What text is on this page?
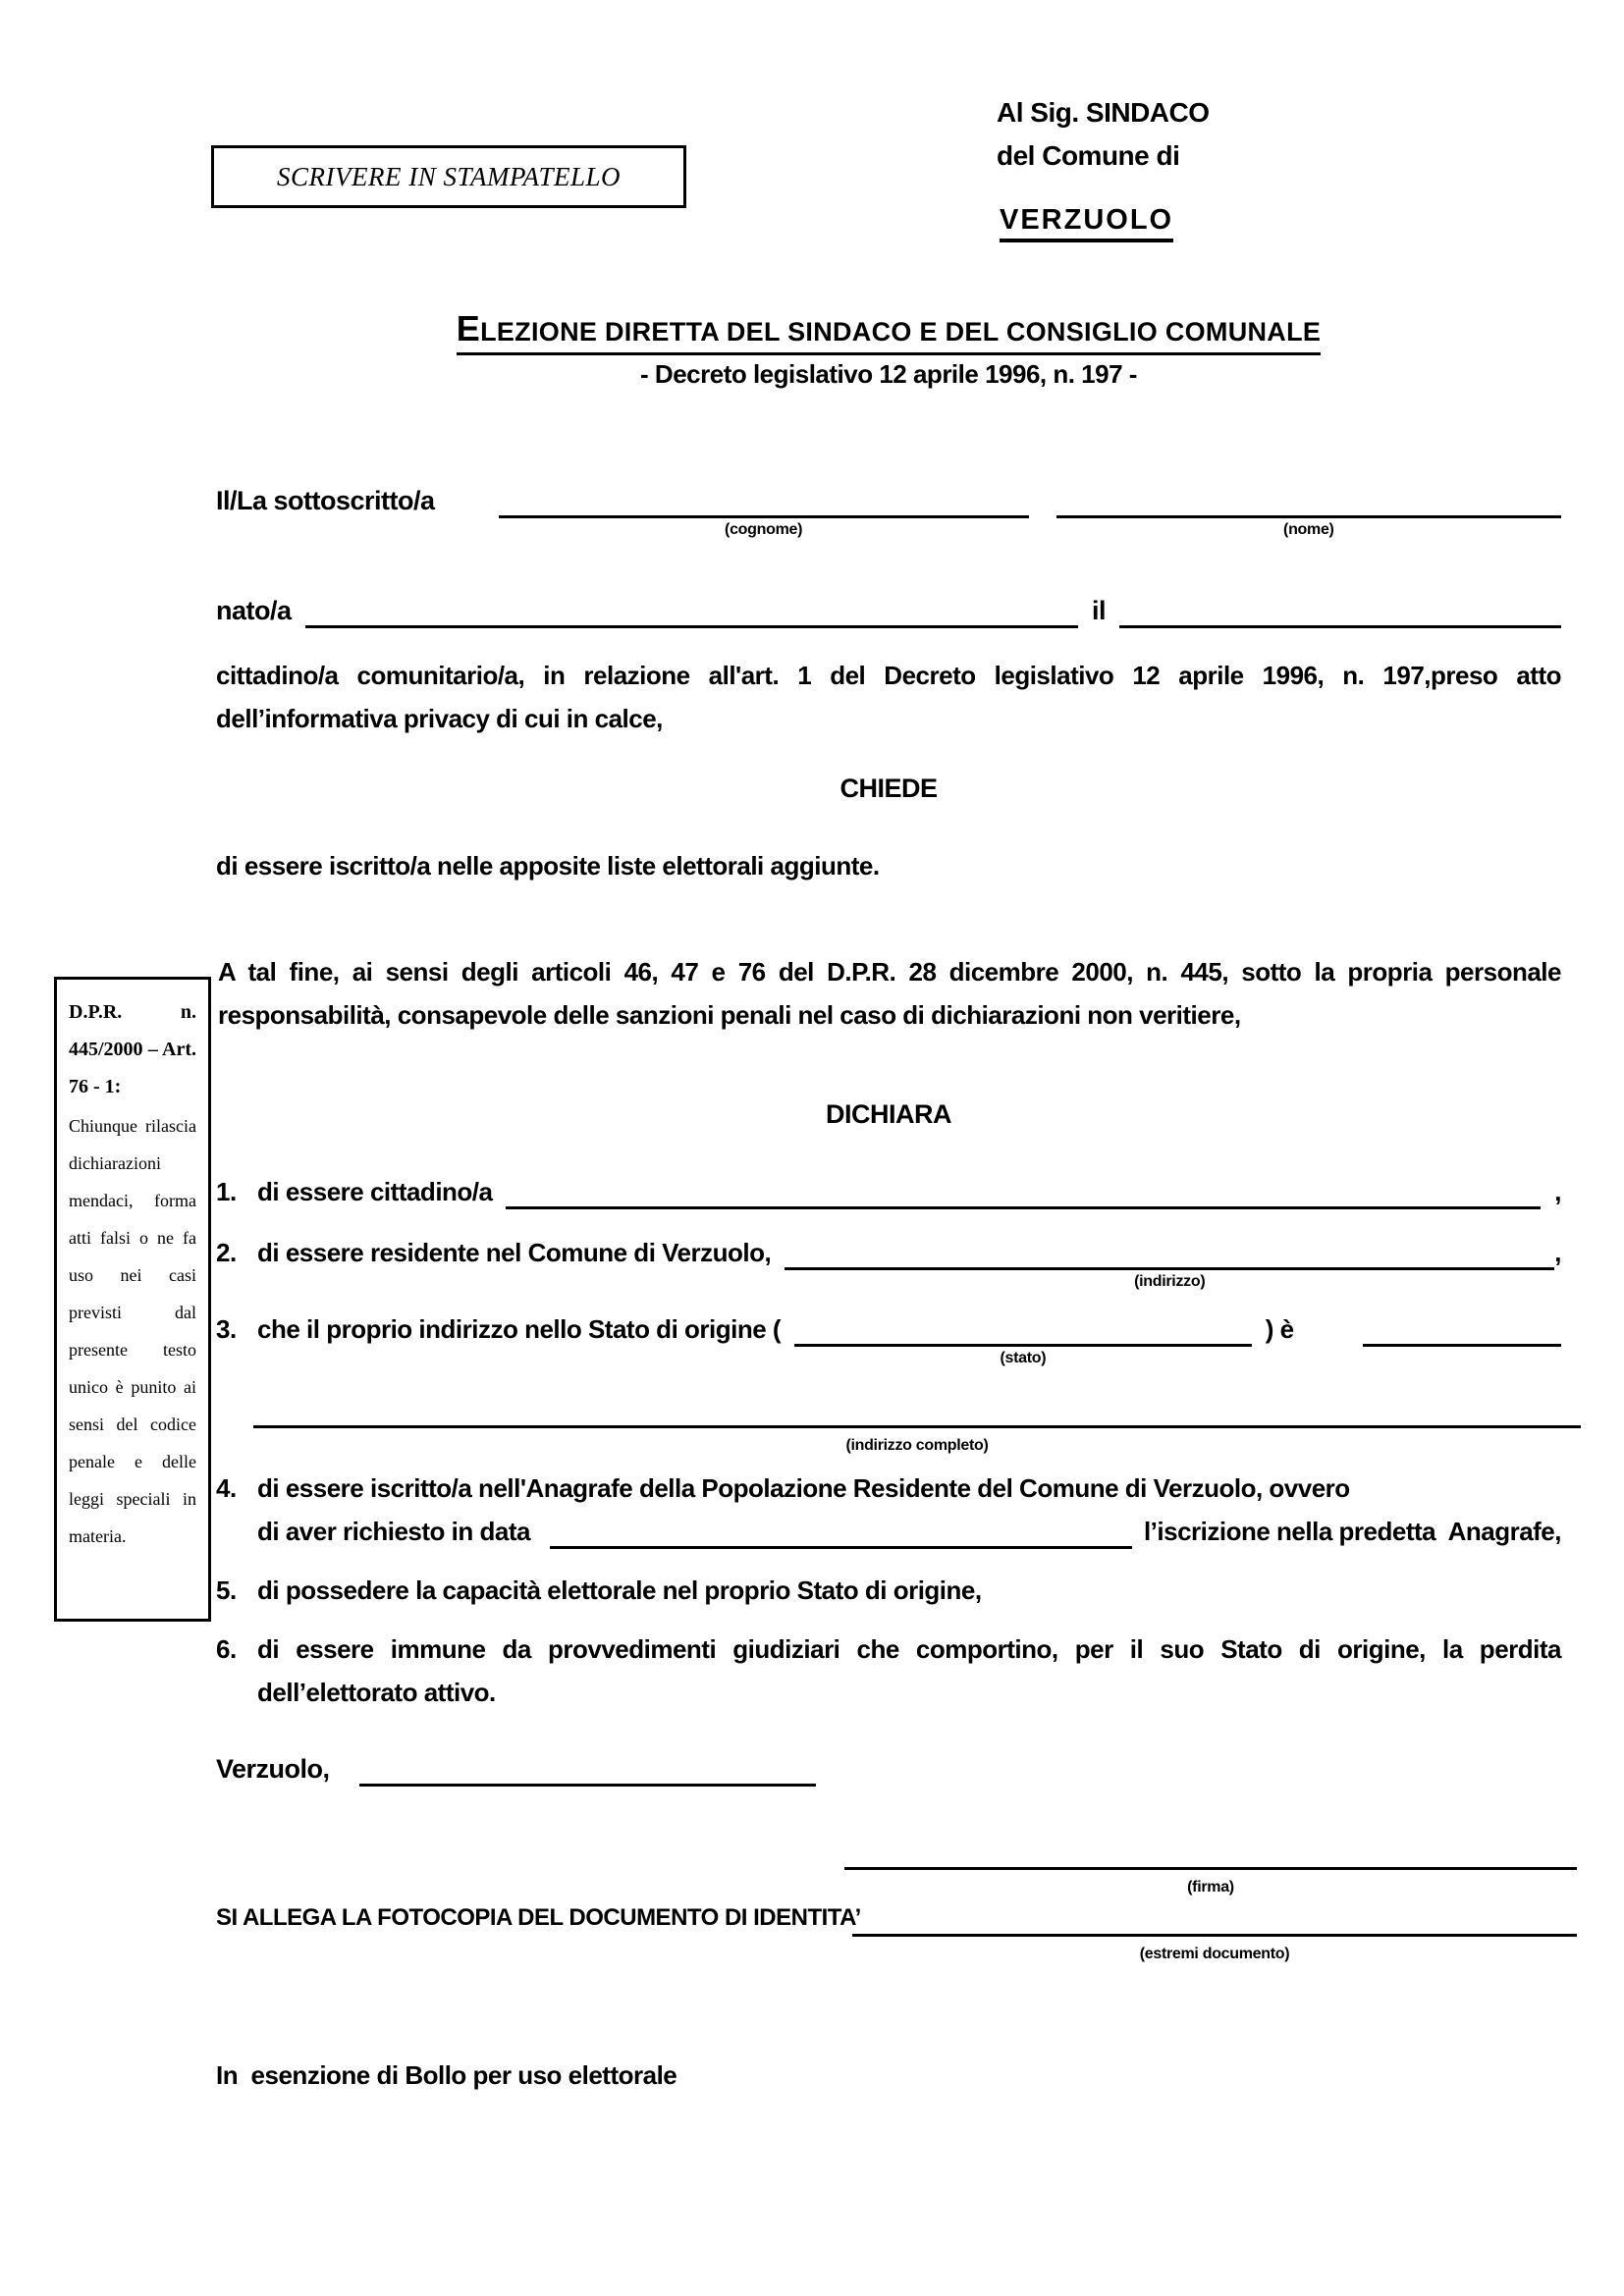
SCRIVERE IN STAMPATELLO
Al Sig. SINDACO
del Comune di
VERZUOLO
ELEZIONE DIRETTA DEL SINDACO E DEL CONSIGLIO COMUNALE
- Decreto legislativo 12 aprile 1996, n. 197 -
Il/La sottoscritto/a
(cognome)	(nome)
nato/a	il
cittadino/a comunitario/a, in relazione all'art. 1 del Decreto legislativo 12 aprile 1996, n. 197,preso atto dell’informativa privacy di cui in calce,
CHIEDE
di essere iscritto/a nelle apposite liste elettorali aggiunte.

D.P.R. n. 445/2000 – Art. 76 - 1:

Chiunque rilascia dichiarazioni mendaci, forma atti falsi o ne fa uso nei casi previsti dal presente testo unico è punito ai sensi del codice penale e delle leggi speciali in materia.

A tal fine, ai sensi degli articoli 46, 47 e 76 del D.P.R. 28 dicembre 2000, n. 445, sotto la propria personale responsabilità, consapevole delle sanzioni penali nel caso di dichiarazioni non veritiere,
DICHIARA
1. di essere cittadino/a	,
2. di essere residente nel Comune di Verzuolo,
(indirizzo)
,
3. che il proprio indirizzo nello Stato di origine (
(stato)
) è
(indirizzo completo)
4. di essere iscritto/a nell'Anagrafe della Popolazione Residente del Comune di Verzuolo, ovvero
di aver richiesto in data	l’iscrizione nella predetta  Anagrafe,
5. di possedere la capacità elettorale nel proprio Stato di origine,
6. di essere immune da provvedimenti giudiziari che comportino, per il suo Stato di origine, la perdita dell’elettorato attivo.
Verzuolo,
(firma)
SI ALLEGA LA FOTOCOPIA DEL DOCUMENTO DI IDENTITA’
(estremi documento)
In  esenzione di Bollo per uso elettorale
